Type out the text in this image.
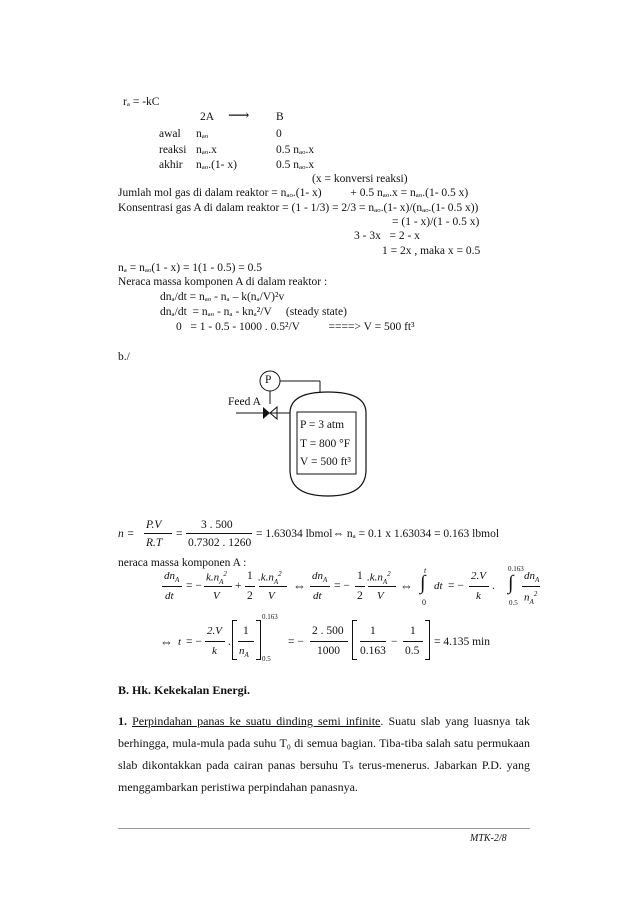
rₐ = -kC
2A ⟶ B
awal nₐₒ	0
reaksi nₐₒ.x	0.5 nₐₒ.x
akhir nₐₒ.(1- x)	0.5 nₐₒ.x
(x = konversi reaksi)
Jumlah mol gas di dalam reaktor = nₐₒ.(1- x)          + 0.5 nₐₒ.x = nₐₒ.(1- 0.5 x)
Konsentrasi gas A di dalam reaktor = (1 - 1/3) = 2/3 = nₐₒ.(1- x)/(nₐₒ.(1- 0.5 x))
= (1 - x)/(1 - 0.5 x)
3 - 3x   = 2 - x
1 = 2x , maka x = 0.5
nₐ = nₐₒ(1 - x) = 1(1 - 0.5) = 0.5
Neraca massa komponen A di dalam reaktor :
dnₐ/dt = nₐₒ - nₐ – k(nₐ/V)²v
dnₐ/dt  = nₐₒ - nₐ - knₐ²/V     (steady state)
0   = 1 - 0.5 - 1000 . 0.5²/V          ====> V = 500 ft³
b./
P
Feed A
P = 3 atm
T = 800 °F
V = 500 ft³
n =
P.V
R.T
=
3 . 500
0.7302 . 1260
= 1.63034 lbmol⇔ nₐ = 0.1 x 1.63034 = 0.163 lbmol
neraca massa komponen A :
$dn_A$
dt
= −
$k.n_A^2$
V
+
1
2
$.k.n_A^2$
V
⇔
$dn_A$
dt
= −
1
2
$.k.n_A^2$
V
⇔
t
∫
0
dt = −
2.V
k
.
0.163
∫
0.5
$dn_A$
$n_A^2$
⇔ t = −
2.V
k
.
1
$n_A$
0.163
0.5
= −
2 . 500
1000
1
0.163
−
1
0.5
= 4.135 min
B. Hk. Kekekalan Energi.
1. Perpindahan panas ke suatu dinding semi infinite. Suatu slab yang luasnya tak berhingga, mula-mula pada suhu T₀ di semua bagian. Tiba-tiba salah satu permukaan slab dikontakkan pada cairan panas bersuhu Tₛ terus-menerus. Jabarkan P.D. yang menggambarkan peristiwa perpindahan panasnya.
MTK-2/8
